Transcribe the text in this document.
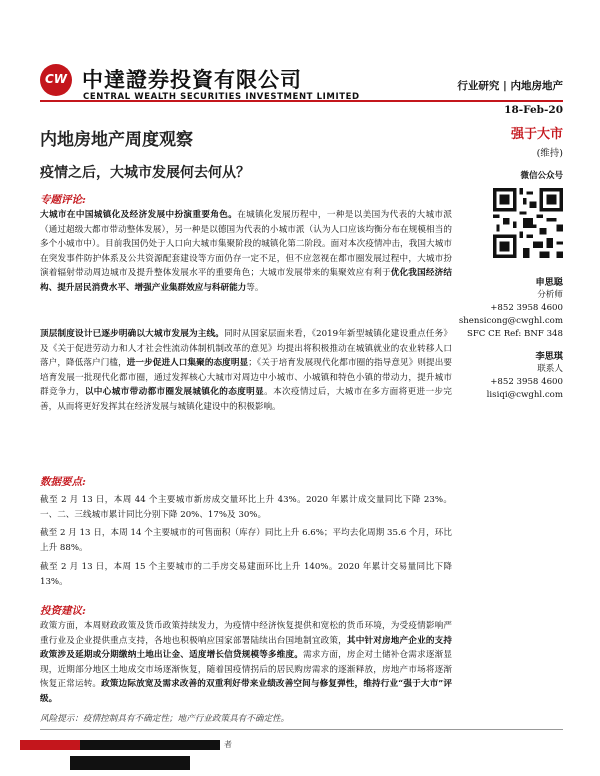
CW 中達證券投資有限公司
CENTRAL WEALTH SECURITIES INVESTMENT LIMITED
行业研究 | 内地房地产
18-Feb-20
内地房地产周度观察
疫情之后，大城市发展何去何从？
强于大市
(维持)
微信公众号
申思聪
分析师
+852 3958 4600
shensicong@cwghl.com
SFC CE Ref: BNF 348
李思琪
联系人
+852 3958 4600
lisiqi@cwghl.com
专题评论:
大城市在中国城镇化及经济发展中扮演重要角色。在城镇化发展历程中，一种是以美国为代表的大城市派（通过超级大都市带动整体发展），另一种是以德国为代表的小城市派（认为人口应该均衡分布在规模相当的多个小城市中）。目前我国仍处于人口向大城市集聚阶段的城镇化第二阶段。面对本次疫情冲击，我国大城市在突发事件防护体系及公共资源配套建设等方面仍存一定不足，但不应忽视在都市圈发展过程中，大城市扮演着辐射带动周边城市及提升整体发展水平的重要角色；大城市发展带来的集聚效应有利于优化我国经济结构、提升居民消费水平、增强产业集群效应与科研能力等。
顶层制度设计已逐步明确以大城市发展为主线。同时从国家层面来看，《2019年新型城镇化建设重点任务》及《关于促进劳动力和人才社会性流动体制机制改革的意见》均提出将积极推动在城镇就业的农业转移人口落户，降低落户门槛，进一步促进人口集聚的态度明显；《关于培育发展现代化都市圈的指导意见》则提出要培育发展一批现代化都市圈，通过发挥核心大城市对周边中小城市、小城镇和特色小镇的带动力，提升城市群竞争力，以中心城市带动都市圈发展城镇化的态度明显。本次疫情过后，大城市在多方面将更进一步完善，从而将更好发挥其在经济发展与城镇化建设中的积极影响。
数据要点:
截至 2 月 13 日，本周 44 个主要城市新房成交量环比上升 43%。2020 年累计成交量同比下降 23%。一、二、三线城市累计同比分别下降 20%、17%及 30%。
截至 2 月 13 日，本周 14 个主要城市的可售面积（库存）同比上升 6.6%；平均去化周期 35.6 个月，环比上升 88%。
截至 2 月 13 日，本周 15 个主要城市的二手房交易建面环比上升 140%。2020 年累计交易量同比下降 13%。
投资建议:
政策方面，本周财政政策及货币政策持续发力，为疫情中经济恢复提供和宽松的货币环境，为受疫情影响严重行业及企业提供重点支持，各地也积极响应国家部署陆续出台国地制宜政策，其中针对房地产企业的支持政策涉及延期或分期缴纳土地出让金、适度增长信贷规模等多维度。需求方面，房企对土储补仓需求逐渐显现，近期部分地区土地成交市场逐渐恢复，随着国疫情拐后的居民购房需求的逐渐释放，房地产市场将逐渐恢复正常运转。政策边际放宽及需求改善的双重利好带来业绩改善空间与修复弹性，维持行业“强于大市”评级。
风险提示：疫情控制具有不确定性；地产行业政策具有不确定性。
者
